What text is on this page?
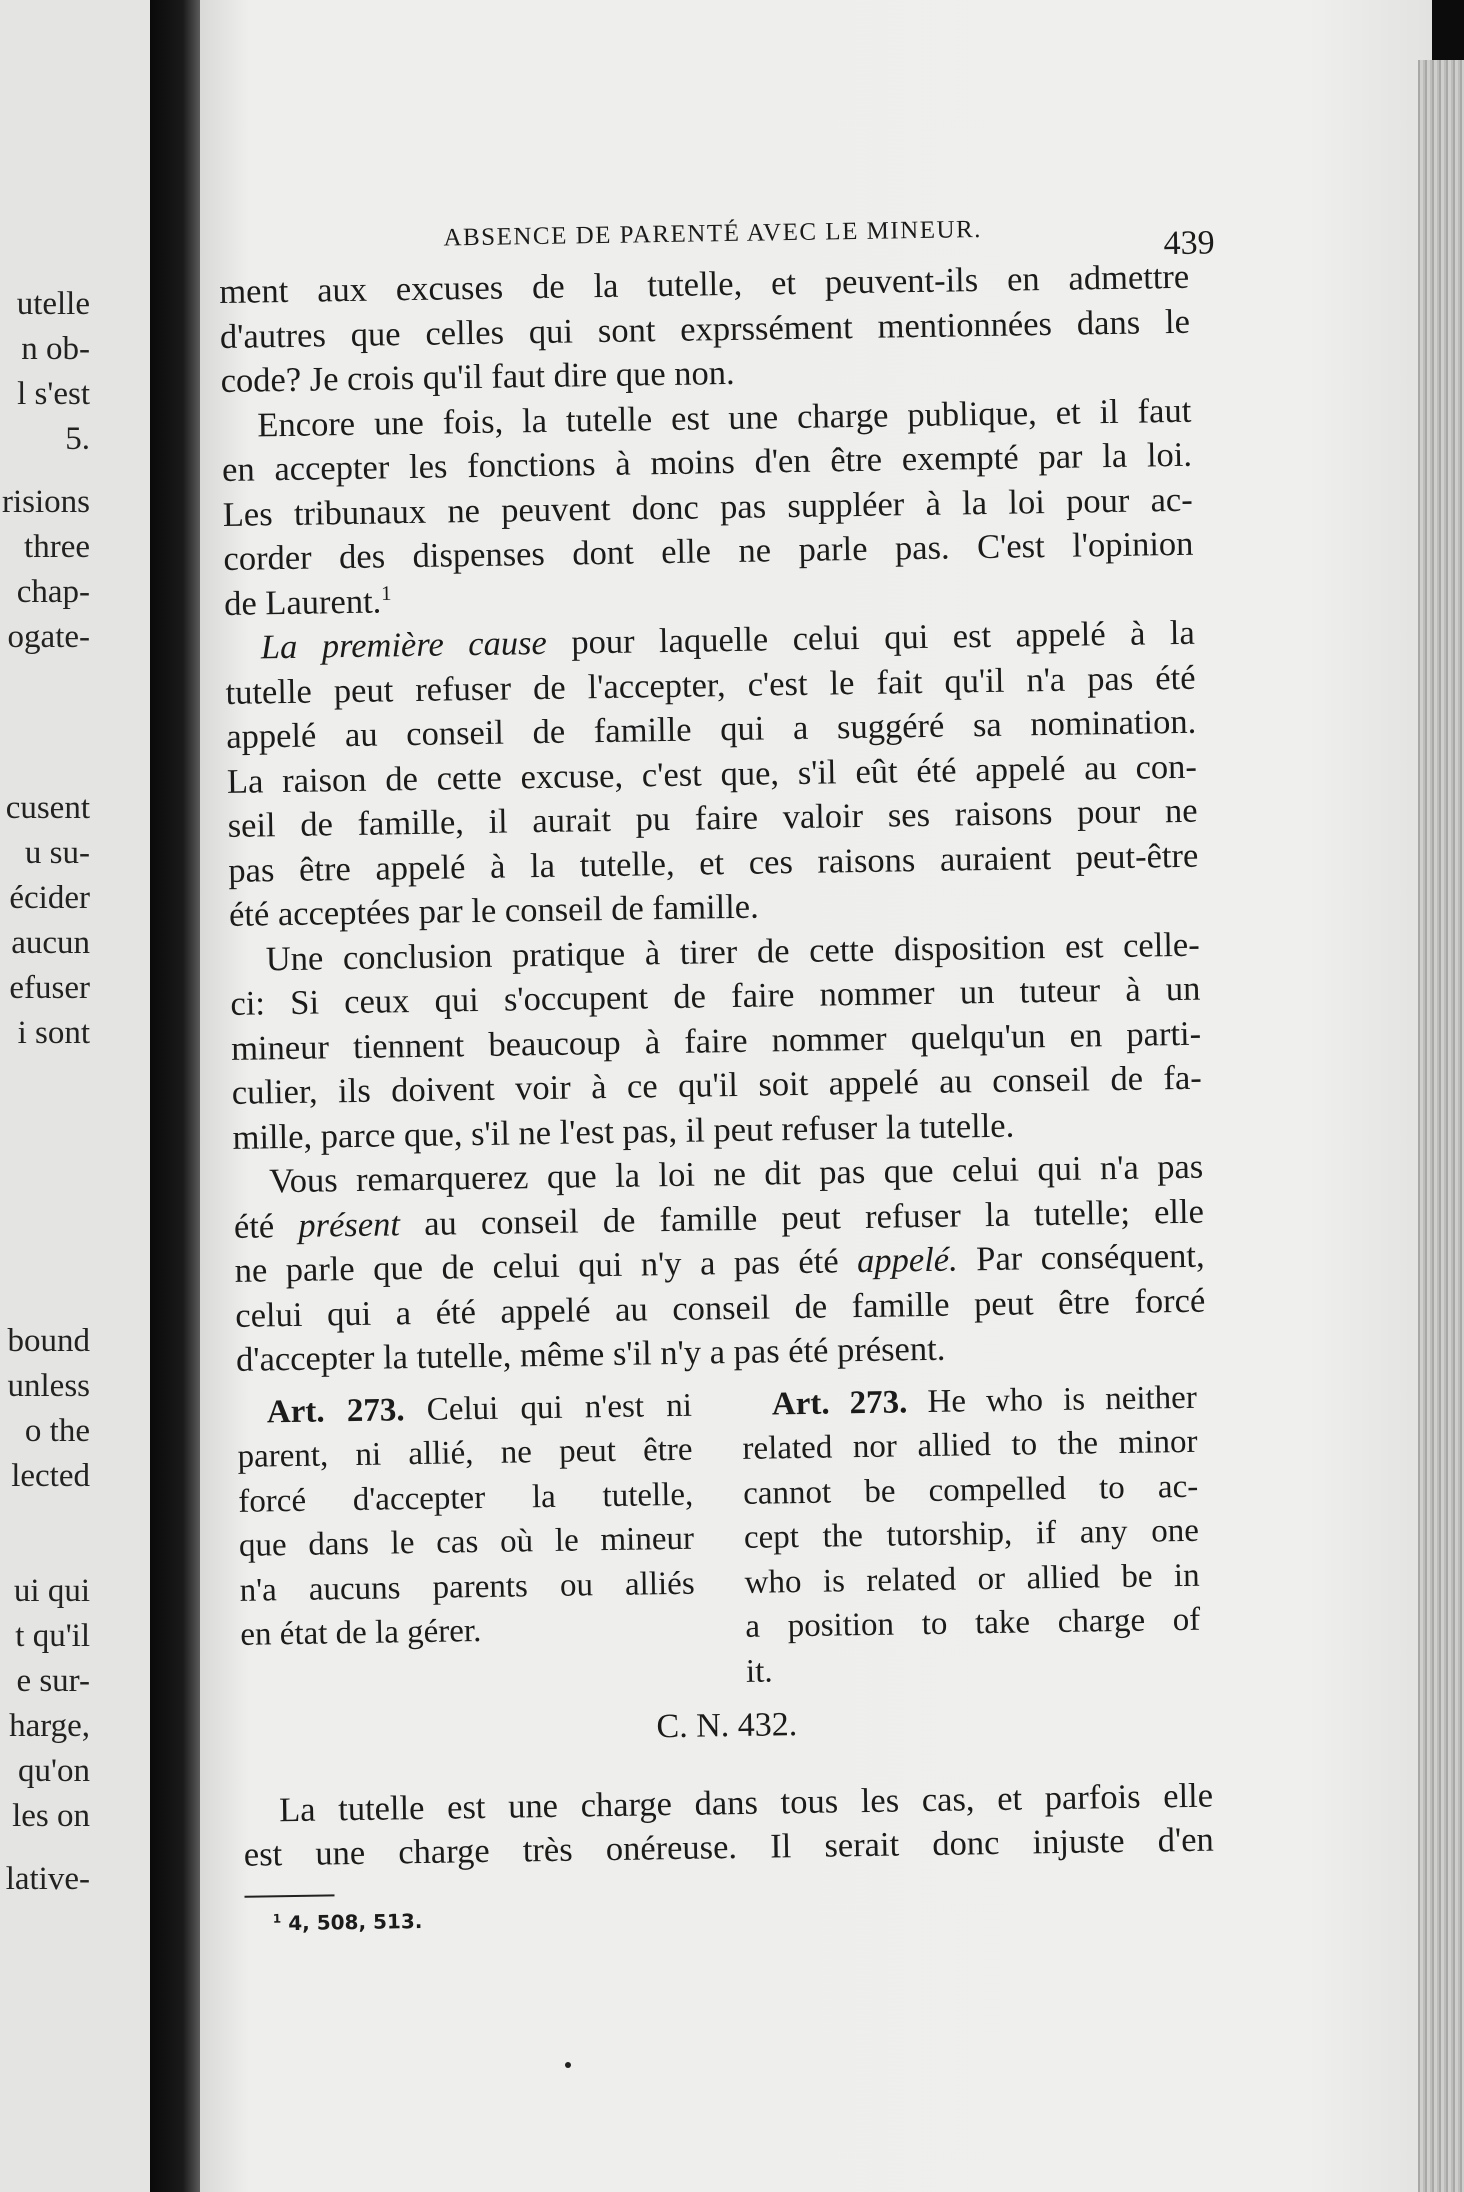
utelle
n ob-
l s'est
5.
risions
three
chap-
ogate-
cusent
u su-
écider
aucun
efuser
i sont
bound
unless
o the
lected
ui qui
t qu'il
e sur-
harge,
qu'on
les on
lative-
ABSENCE DE PARENTÉ AVEC LE MINEUR.	439
ment aux excuses de la tutelle, et peuvent-ils en admettre
d'autres que celles qui sont exprssément mentionnées dans le
code? Je crois qu'il faut dire que non.
Encore une fois, la tutelle est une charge publique, et il faut
en accepter les fonctions à moins d'en être exempté par la loi.
Les tribunaux ne peuvent donc pas suppléer à la loi pour ac-
corder des dispenses dont elle ne parle pas. C'est l'opinion
de Laurent.$^1$
La première cause pour laquelle celui qui est appelé à la
tutelle peut refuser de l'accepter, c'est le fait qu'il n'a pas été
appelé au conseil de famille qui a suggéré sa nomination.
La raison de cette excuse, c'est que, s'il eût été appelé au con-
seil de famille, il aurait pu faire valoir ses raisons pour ne
pas être appelé à la tutelle, et ces raisons auraient peut-être
été acceptées par le conseil de famille.
Une conclusion pratique à tirer de cette disposition est celle-
ci: Si ceux qui s'occupent de faire nommer un tuteur à un
mineur tiennent beaucoup à faire nommer quelqu'un en parti-
culier, ils doivent voir à ce qu'il soit appelé au conseil de fa-
mille, parce que, s'il ne l'est pas, il peut refuser la tutelle.
Vous remarquerez que la loi ne dit pas que celui qui n'a pas
été présent au conseil de famille peut refuser la tutelle; elle
ne parle que de celui qui n'y a pas été appelé. Par conséquent,
celui qui a été appelé au conseil de famille peut être forcé
d'accepter la tutelle, même s'il n'y a pas été présent.
Art. 273. Celui qui n'est ni
parent, ni allié, ne peut être
forcé d'accepter la tutelle,
que dans le cas où le mineur
n'a aucuns parents ou alliés
en état de la gérer.
Art. 273. He who is neither
related nor allied to the minor
cannot be compelled to ac-
cept the tutorship, if any one
who is related or allied be in
a position to take charge of
it.
C. N. 432.
La tutelle est une charge dans tous les cas, et parfois elle
est une charge très onéreuse. Il serait donc injuste d'en
$^1$ 4, 508, 513.
